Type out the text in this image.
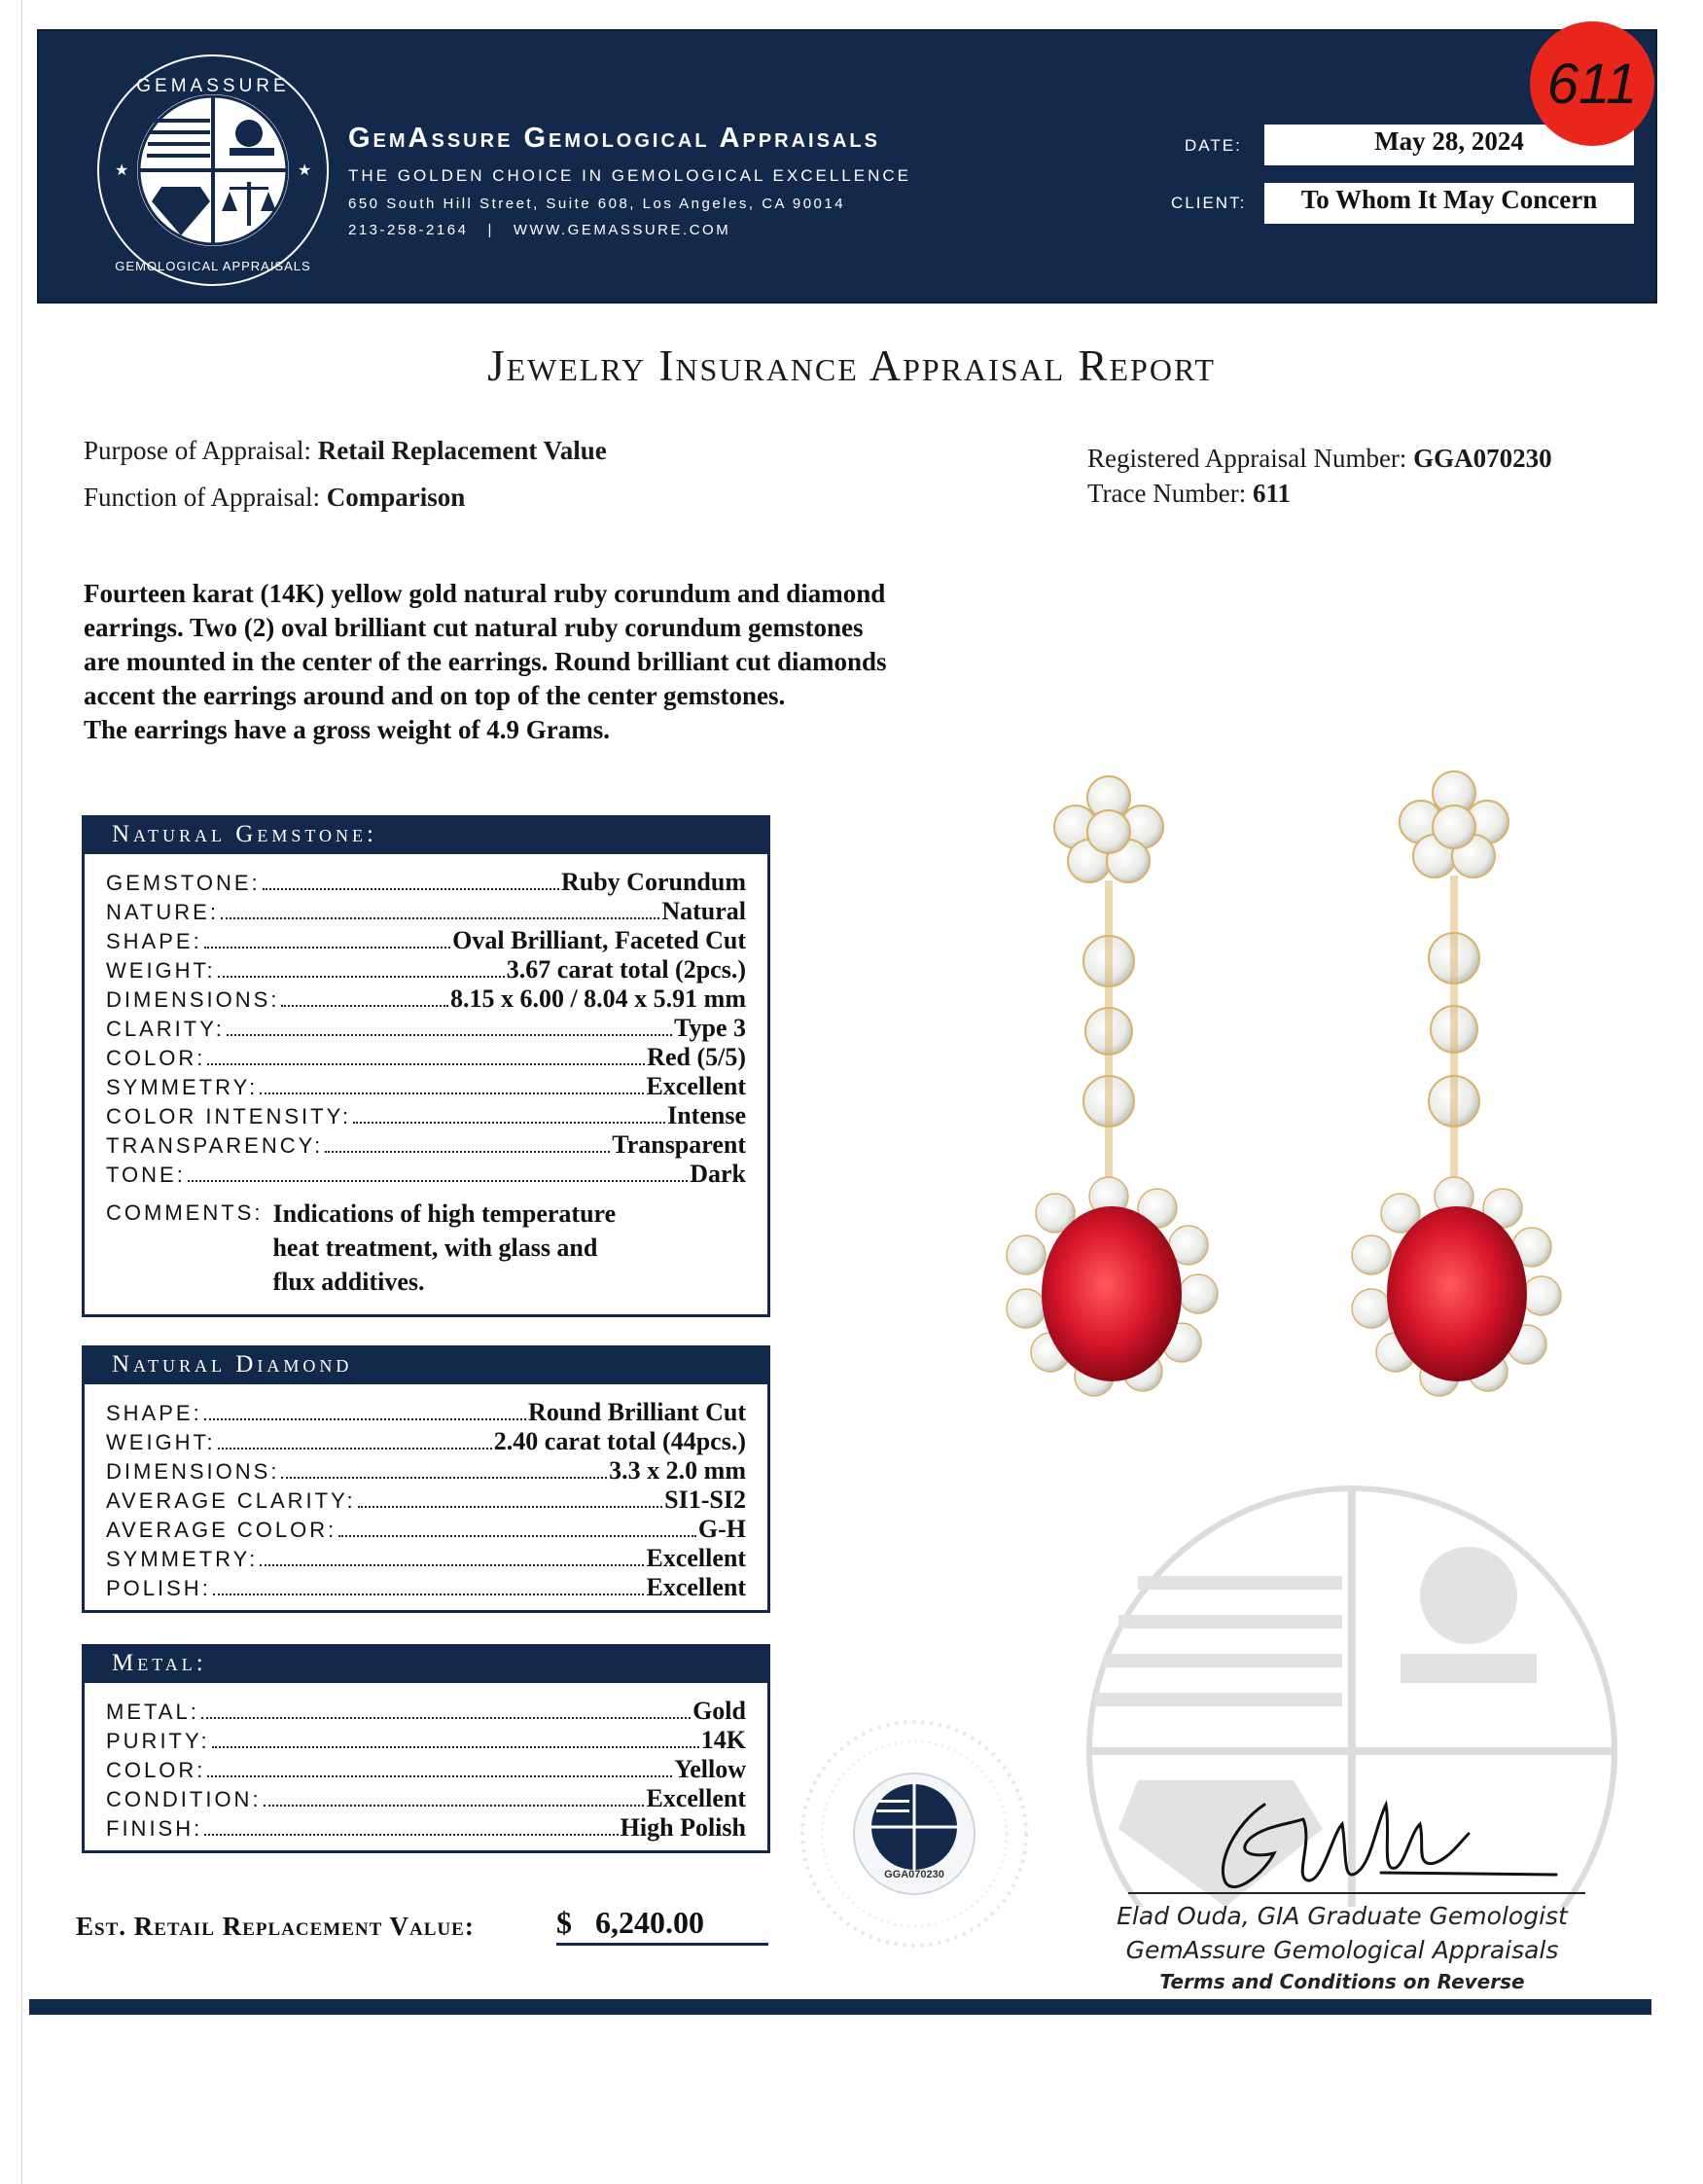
GEMASSURE
GEMOLOGICAL APPRAISALS
★	★
GemAssure Gemological Appraisals
THE GOLDEN CHOICE IN GEMOLOGICAL EXCELLENCE
650 South Hill Street, Suite 608, Los Angeles, CA 90014
213-258-2164 | WWW.GEMASSURE.COM
DATE:	May 28, 2024
CLIENT:	To Whom It May Concern
611
Jewelry Insurance Appraisal Report
Purpose of Appraisal: Retail Replacement Value
Function of Appraisal: Comparison
Registered Appraisal Number: GGA070230
Trace Number: 611
Fourteen karat (14K) yellow gold natural ruby corundum and diamond
earrings. Two (2) oval brilliant cut natural ruby corundum gemstones
are mounted in the center of the earrings. Round brilliant cut diamonds
accent the earrings around and on top of the center gemstones.
The earrings have a gross weight of 4.9 Grams.
Natural Gemstone:
GEMSTONE:	Ruby Corundum
NATURE:	Natural
SHAPE:	Oval Brilliant, Faceted Cut
WEIGHT:	3.67 carat total (2pcs.)
DIMENSIONS:	8.15 x 6.00 / 8.04 x 5.91 mm
CLARITY:	Type 3
COLOR:	Red (5/5)
SYMMETRY:	Excellent
COLOR INTENSITY:	Intense
TRANSPARENCY:	Transparent
TONE:	Dark
COMMENTS: Indications of high temperature
heat treatment, with glass and
flux additives.
Natural Diamond
SHAPE:	Round Brilliant Cut
WEIGHT:	2.40 carat total (44pcs.)
DIMENSIONS:	3.3 x 2.0 mm
AVERAGE CLARITY:	SI1-SI2
AVERAGE COLOR:	G-H
SYMMETRY:	Excellent
POLISH:	Excellent
Metal:
METAL:	Gold
PURITY:	14K
COLOR:	Yellow
CONDITION:	Excellent
FINISH:	High Polish
Est. Retail Replacement Value:	$ 6,240.00
GGA070230
Elad Ouda, GIA Graduate Gemologist
GemAssure Gemological Appraisals
Terms and Conditions on Reverse
